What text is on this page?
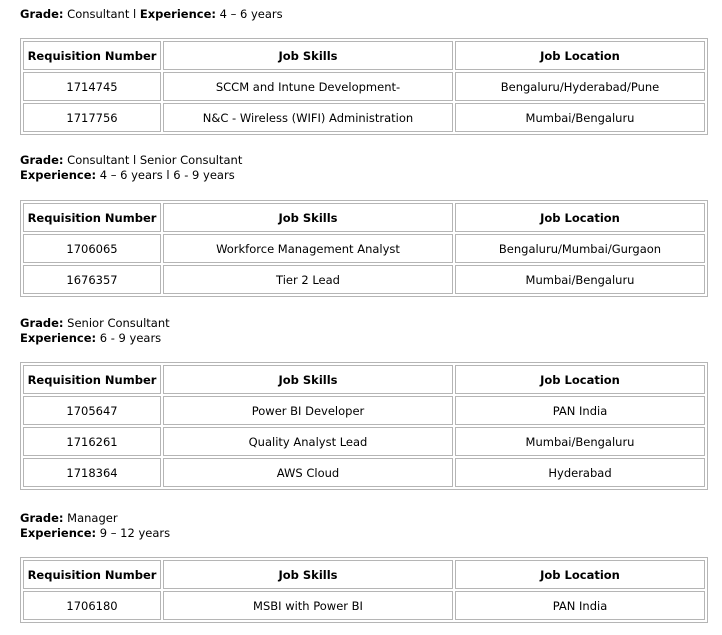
Grade: Consultant l Experience: 4 – 6 years
Requisition Number	Job Skills	Job Location
1714745	SCCM and Intune Development-	Bengaluru/Hyderabad/Pune
1717756	N&C - Wireless (WIFI) Administration	Mumbai/Bengaluru
Grade: Consultant l Senior Consultant
Experience: 4 – 6 years l 6 - 9 years
Requisition Number	Job Skills	Job Location
1706065	Workforce Management Analyst	Bengaluru/Mumbai/Gurgaon
1676357	Tier 2 Lead	Mumbai/Bengaluru
Grade: Senior Consultant
Experience: 6 - 9 years
Requisition Number	Job Skills	Job Location
1705647	Power BI Developer	PAN India
1716261	Quality Analyst Lead	Mumbai/Bengaluru
1718364	AWS Cloud	Hyderabad
Grade: Manager
Experience: 9 – 12 years
Requisition Number	Job Skills	Job Location
1706180	MSBI with Power BI	PAN India
